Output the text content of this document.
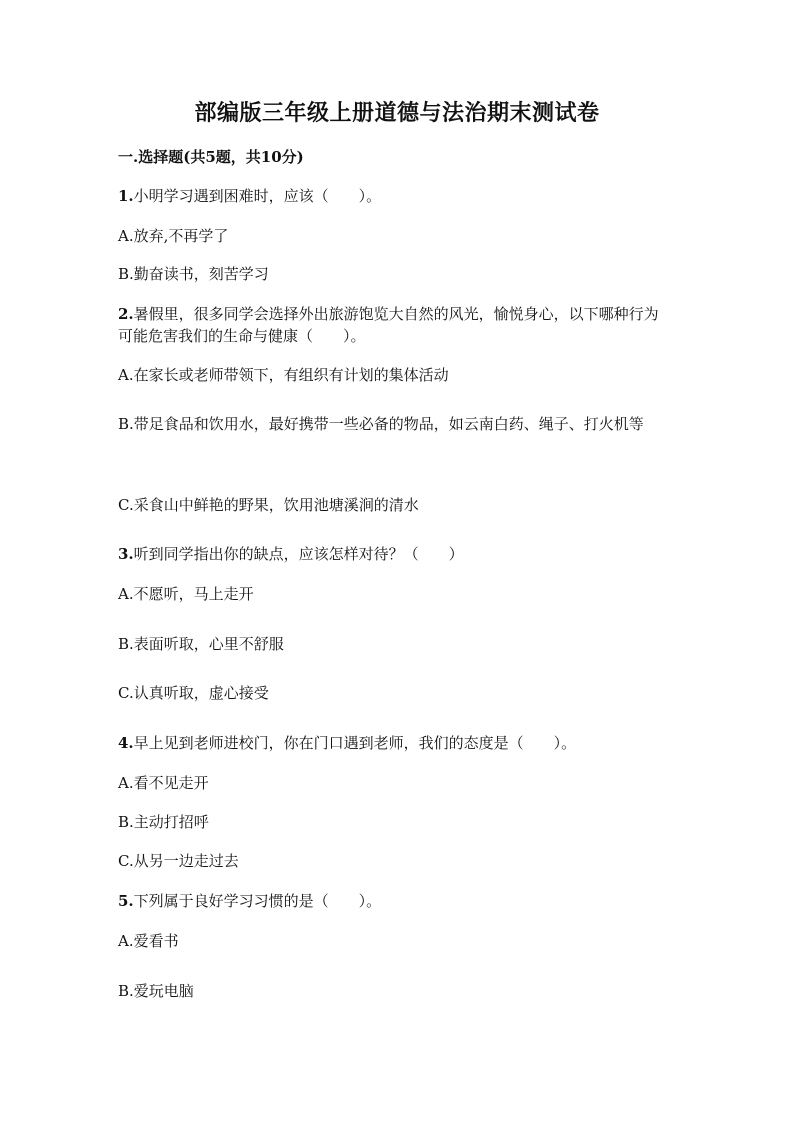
部编版三年级上册道德与法治期末测试卷
一.选择题(共5题，共10分)
1.小明学习遇到困难时，应该（　　）。
A.放弃,不再学了
B.勤奋读书，刻苦学习
2.暑假里，很多同学会选择外出旅游饱览大自然的风光，愉悦身心，以下哪种行为可能危害我们的生命与健康（　　）。
A.在家长或老师带领下，有组织有计划的集体活动
B.带足食品和饮用水，最好携带一些必备的物品，如云南白药、绳子、打火机等
C.采食山中鲜艳的野果，饮用池塘溪涧的清水
3.听到同学指出你的缺点，应该怎样对待？（　　）
A.不愿听，马上走开
B.表面听取，心里不舒服
C.认真听取，虚心接受
4.早上见到老师进校门，你在门口遇到老师，我们的态度是（　　）。
A.看不见走开
B.主动打招呼
C.从另一边走过去
5.下列属于良好学习习惯的是（　　）。
A.爱看书
B.爱玩电脑
